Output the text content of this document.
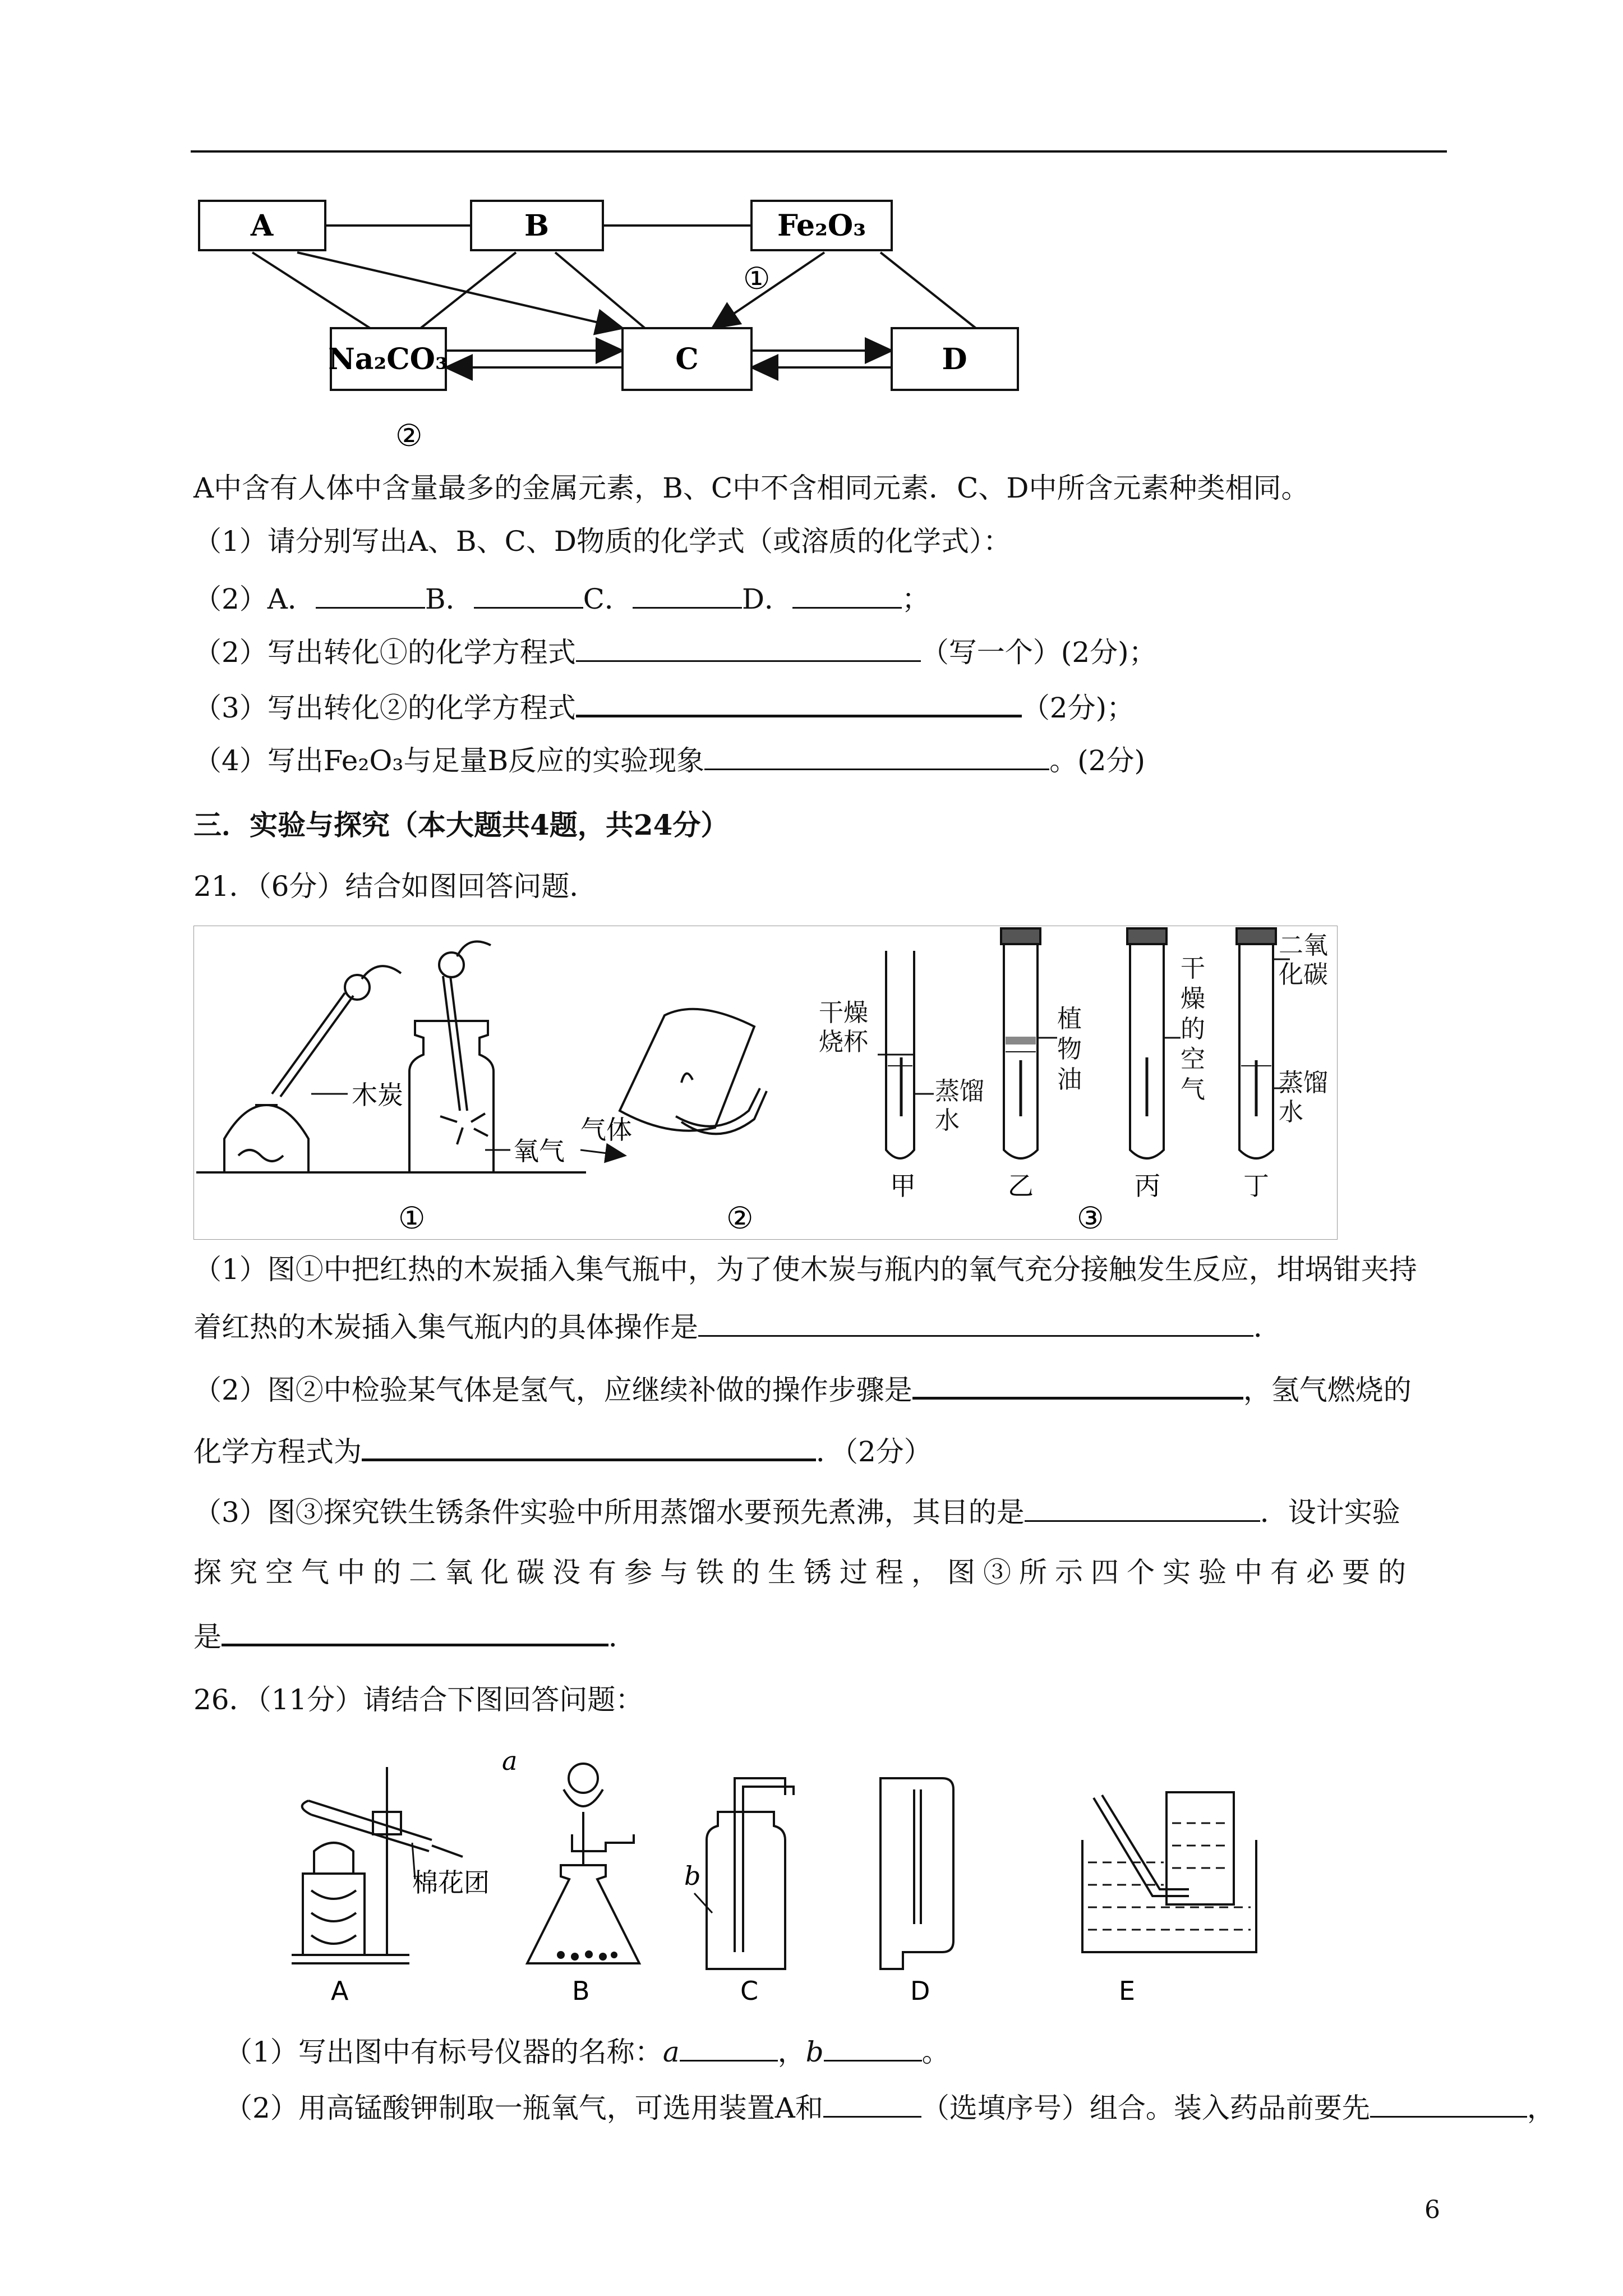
A	B	Fe₂O₃
Na₂CO₃	C	D
①
②
A中含有人体中含量最多的金属元素，B、C中不含相同元素．C、D中所含元素种类相同。
（1）请分别写出A、B、C、D物质的化学式（或溶质的化学式）：
（2）A．	B．	C．	D．	；
（2）写出转化①的化学方程式	（写一个）(2分)；
（3）写出转化②的化学方程式	（2分)；
（4）写出Fe₂O₃与足量B反应的实验现象	。(2分)
三．实验与探究（本大题共4题，共24分）
21．（6分）结合如图回答问题．
木炭
氧气
①
气体
②
干燥烧杯
蒸馏水
植物油
干燥的空气
二氧化碳
蒸馏水
甲	乙	丙	丁
③
（1）图①中把红热的木炭插入集气瓶中，为了使木炭与瓶内的氧气充分接触发生反应，坩埚钳夹持
着红热的木炭插入集气瓶内的具体操作是	．
（2）图②中检验某气体是氢气，应继续补做的操作步骤是	，氢气燃烧的
化学方程式为	．（2分）
（3）图③探究铁生锈条件实验中所用蒸馏水要预先煮沸，其目的是	．设计实验
探究空气中的二氧化碳没有参与铁的生锈过程，图③所示四个实验中有必要的
是	．
26．（11分）请结合下图回答问题：
棉花团
a
b
A	B	C	D	E
（1）写出图中有标号仪器的名称：a	，b	。
（2）用高锰酸钾制取一瓶氧气，可选用装置A和	（选填序号）组合。装入药品前要先	，
6
